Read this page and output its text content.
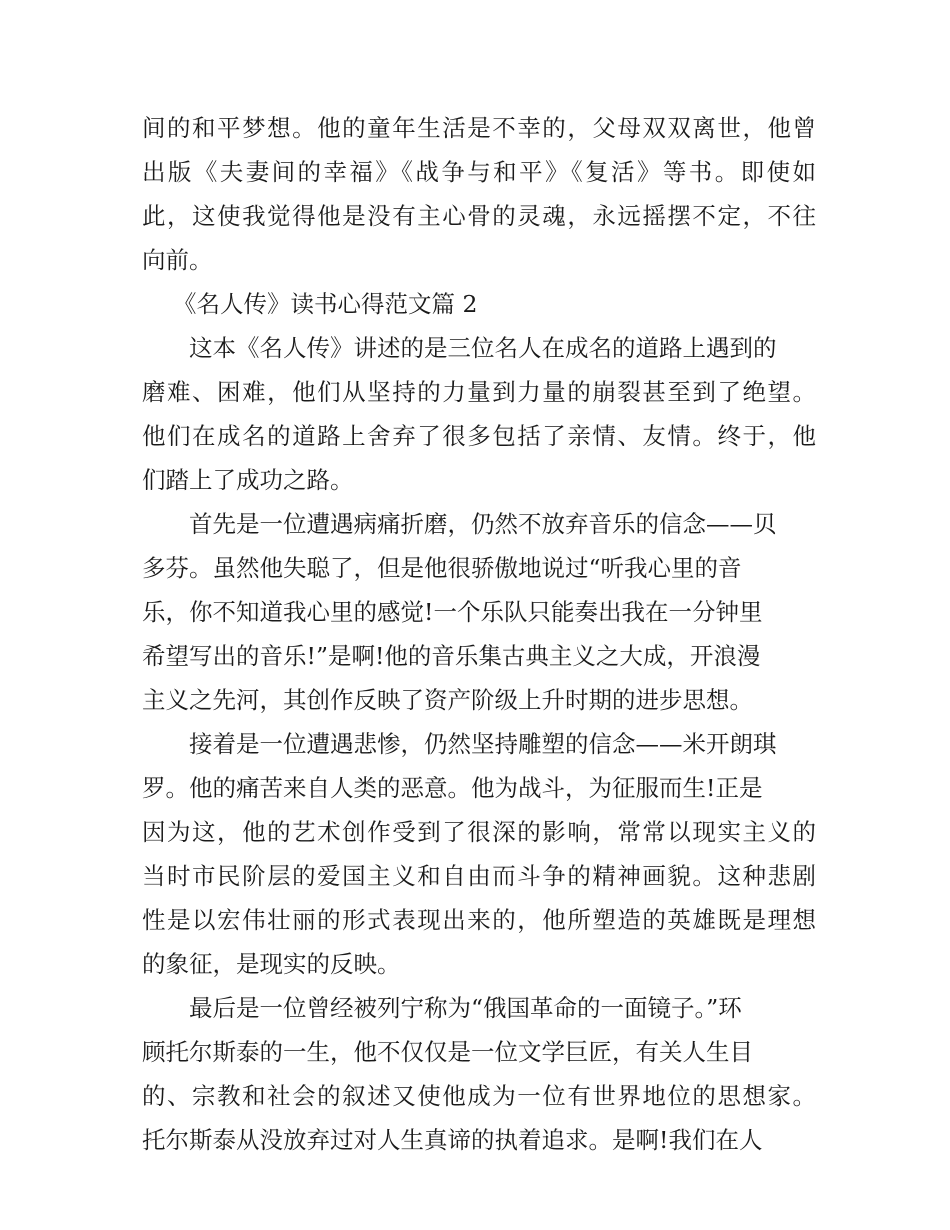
间的和平梦想。他的童年生活是不幸的，父母双双离世，他曾
出版《夫妻间的幸福》《战争与和平》《复活》等书。即使如
此，这使我觉得他是没有主心骨的灵魂，永远摇摆不定，不往
向前。
《名人传》读书心得范文篇 2
这本《名人传》讲述的是三位名人在成名的道路上遇到的
磨难、困难，他们从坚持的力量到力量的崩裂甚至到了绝望。
他们在成名的道路上舍弃了很多包括了亲情、友情。终于，他
们踏上了成功之路。
首先是一位遭遇病痛折磨，仍然不放弃音乐的信念——贝
多芬。虽然他失聪了，但是他很骄傲地说过“听我心里的音
乐，你不知道我心里的感觉!一个乐队只能奏出我在一分钟里
希望写出的音乐!”是啊!他的音乐集古典主义之大成，开浪漫
主义之先河，其创作反映了资产阶级上升时期的进步思想。
接着是一位遭遇悲惨，仍然坚持雕塑的信念——米开朗琪
罗。他的痛苦来自人类的恶意。他为战斗，为征服而生!正是
因为这，他的艺术创作受到了很深的影响，常常以现实主义的
当时市民阶层的爱国主义和自由而斗争的精神画貌。这种悲剧
性是以宏伟壮丽的形式表现出来的，他所塑造的英雄既是理想
的象征，是现实的反映。
最后是一位曾经被列宁称为“俄国革命的一面镜子。”环
顾托尔斯泰的一生，他不仅仅是一位文学巨匠，有关人生目
的、宗教和社会的叙述又使他成为一位有世界地位的思想家。
托尔斯泰从没放弃过对人生真谛的执着追求。是啊!我们在人
